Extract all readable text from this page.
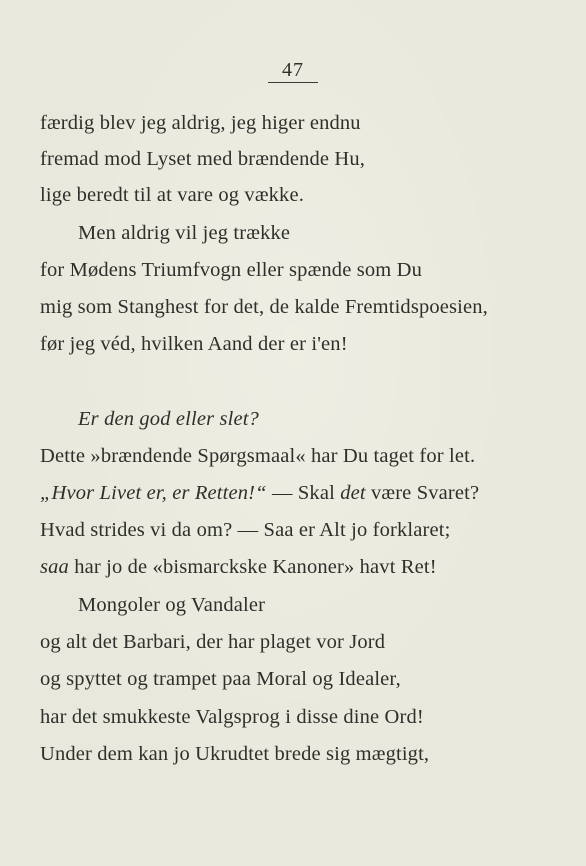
47
færdig blev jeg aldrig, jeg higer endnu
fremad mod Lyset med brændende Hu,
lige beredt til at vare og vække.
Men aldrig vil jeg trække
for Mødens Triumfvogn eller spænde som Du
mig som Stanghest for det, de kalde Fremtidspoesien,
før jeg véd, hvilken Aand der er i'en!
Er den god eller slet?
Dette »brændende Spørgsmaal« har Du taget for let.
„Hvor Livet er, er Retten!“ — Skal det være Svaret?
Hvad strides vi da om? — Saa er Alt jo forklaret;
saa har jo de «bismarckske Kanoner» havt Ret!
Mongoler og Vandaler
og alt det Barbari, der har plaget vor Jord
og spyttet og trampet paa Moral og Idealer,
har det smukkeste Valgsprog i disse dine Ord!
Under dem kan jo Ukrudtet brede sig mægtigt,
